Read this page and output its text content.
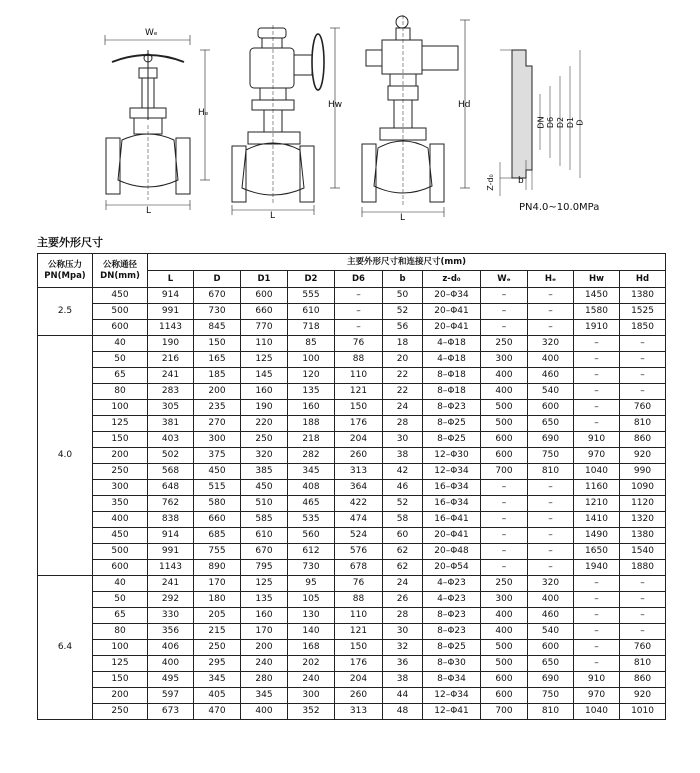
Wₑ
Hₑ
L
Hw
L
Hd
L
DN D6 D2 D1 D
b
Z-d₀
PN4.0~10.0MPa
主要外形尺寸
公称压力
PN(Mpa)	公称通径
DN(mm)	主要外形尺寸和连接尺寸(mm)										
		L	D	D1	D2	D6	b	z-d₀	Wₑ	Hₑ	Hw	Hd
2.5	450	914	670	600	555	–	50	20–Φ34	–	–	1450	1380
	500	991	730	660	610	–	52	20–Φ41	–	–	1580	1525
	600	1143	845	770	718	–	56	20–Φ41	–	–	1910	1850
4.0	40	190	150	110	85	76	18	4–Φ18	250	320	–	–
	50	216	165	125	100	88	20	4–Φ18	300	400	–	–
	65	241	185	145	120	110	22	8–Φ18	400	460	–	–
	80	283	200	160	135	121	22	8–Φ18	400	540	–	–
	100	305	235	190	160	150	24	8–Φ23	500	600	–	760
	125	381	270	220	188	176	28	8–Φ25	500	650	–	810
	150	403	300	250	218	204	30	8–Φ25	600	690	910	860
	200	502	375	320	282	260	38	12–Φ30	600	750	970	920
	250	568	450	385	345	313	42	12–Φ34	700	810	1040	990
	300	648	515	450	408	364	46	16–Φ34	–	–	1160	1090
	350	762	580	510	465	422	52	16–Φ34	–	–	1210	1120
	400	838	660	585	535	474	58	16–Φ41	–	–	1410	1320
	450	914	685	610	560	524	60	20–Φ41	–	–	1490	1380
	500	991	755	670	612	576	62	20–Φ48	–	–	1650	1540
	600	1143	890	795	730	678	62	20–Φ54	–	–	1940	1880
6.4	40	241	170	125	95	76	24	4–Φ23	250	320	–	–
	50	292	180	135	105	88	26	4–Φ23	300	400	–	–
	65	330	205	160	130	110	28	8–Φ23	400	460	–	–
	80	356	215	170	140	121	30	8–Φ23	400	540	–	–
	100	406	250	200	168	150	32	8–Φ25	500	600	–	760
	125	400	295	240	202	176	36	8–Φ30	500	650	–	810
	150	495	345	280	240	204	38	8–Φ34	600	690	910	860
	200	597	405	345	300	260	44	12–Φ34	600	750	970	920
	250	673	470	400	352	313	48	12–Φ41	700	810	1040	1010
